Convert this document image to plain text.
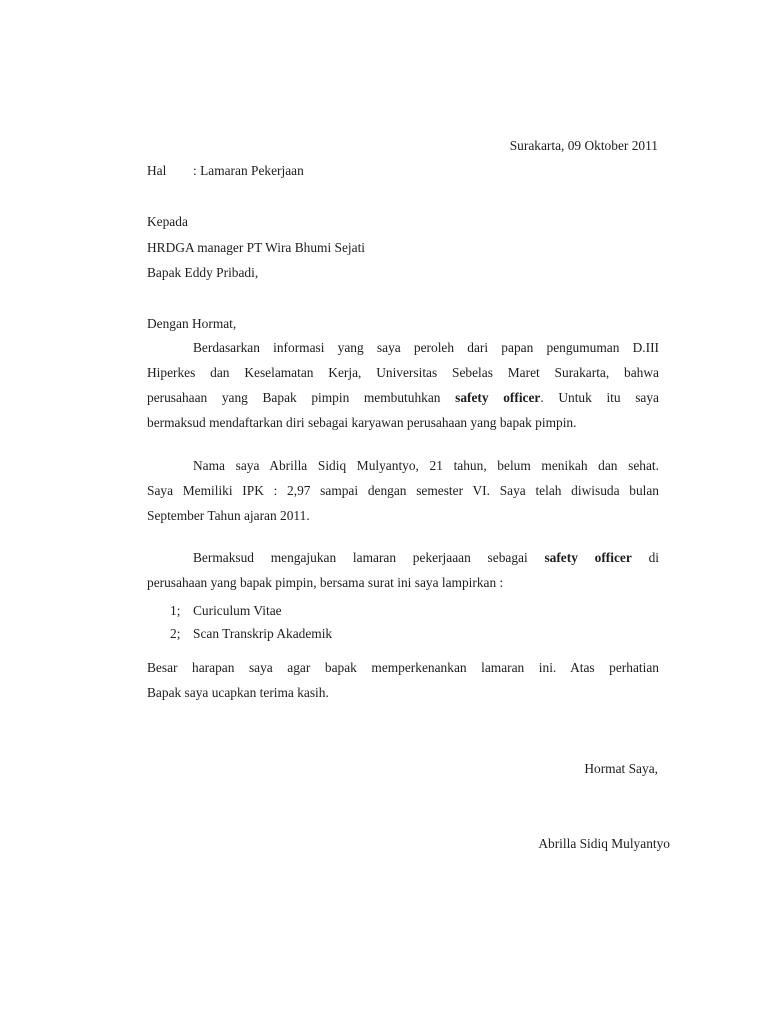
Surakarta, 09 Oktober 2011
Hal : Lamaran Pekerjaan
Kepada
HRDGA manager PT Wira Bhumi Sejati
Bapak Eddy Pribadi,
Dengan Hormat,
Berdasarkan informasi yang saya peroleh dari papan pengumuman D.III
Hiperkes dan Keselamatan Kerja, Universitas Sebelas Maret Surakarta, bahwa
perusahaan yang Bapak pimpin membutuhkan safety officer. Untuk itu saya
bermaksud mendaftarkan diri sebagai karyawan perusahaan yang bapak pimpin.
Nama saya Abrilla Sidiq Mulyantyo, 21 tahun, belum menikah dan sehat.
Saya Memiliki IPK : 2,97 sampai dengan semester VI. Saya telah diwisuda bulan
September Tahun ajaran 2011.
Bermaksud mengajukan lamaran pekerjaaan sebagai safety officer di
perusahaan yang bapak pimpin, bersama surat ini saya lampirkan :
1; Curiculum Vitae
2; Scan Transkrip Akademik
Besar harapan saya agar bapak memperkenankan lamaran ini. Atas perhatian
Bapak saya ucapkan terima kasih.
Hormat Saya,
Abrilla Sidiq Mulyantyo
